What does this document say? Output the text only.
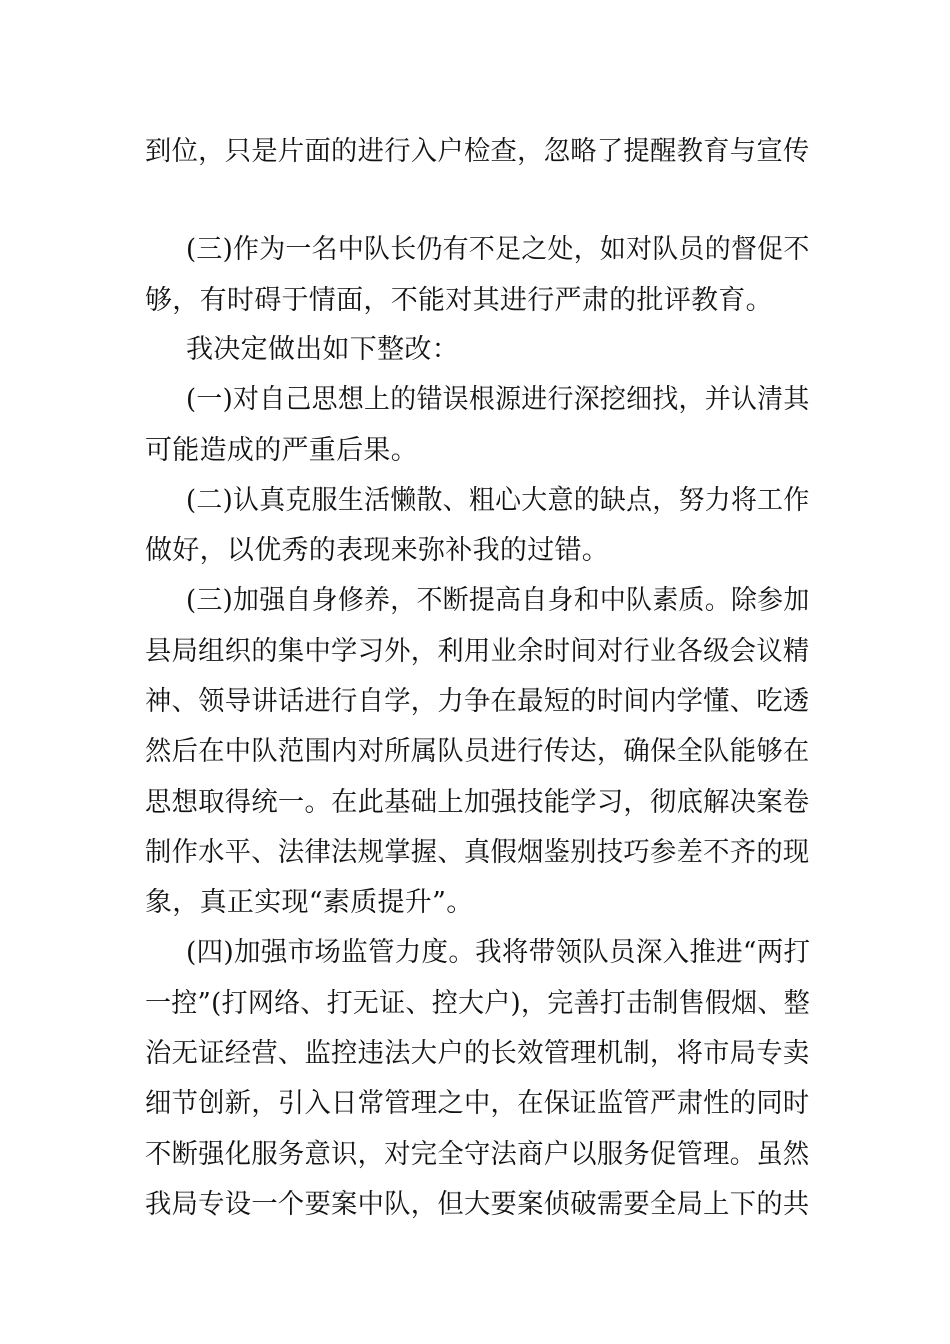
到位，只是片面的进行入户检查，忽略了提醒教育与宣传
(三)作为一名中队长仍有不足之处，如对队员的督促不
够，有时碍于情面，不能对其进行严肃的批评教育。
我决定做出如下整改：
(一)对自己思想上的错误根源进行深挖细找，并认清其
可能造成的严重后果。
(二)认真克服生活懒散、粗心大意的缺点，努力将工作
做好，以优秀的表现来弥补我的过错。
(三)加强自身修养，不断提高自身和中队素质。除参加
县局组织的集中学习外，利用业余时间对行业各级会议精
神、领导讲话进行自学，力争在最短的时间内学懂、吃透
然后在中队范围内对所属队员进行传达，确保全队能够在
思想取得统一。在此基础上加强技能学习，彻底解决案卷
制作水平、法律法规掌握、真假烟鉴别技巧参差不齐的现
象，真正实现“素质提升”。
(四)加强市场监管力度。我将带领队员深入推进“两打
一控”(打网络、打无证、控大户)，完善打击制售假烟、整
治无证经营、监控违法大户的长效管理机制，将市局专卖
细节创新，引入日常管理之中，在保证监管严肃性的同时
不断强化服务意识，对完全守法商户以服务促管理。虽然
我局专设一个要案中队，但大要案侦破需要全局上下的共
